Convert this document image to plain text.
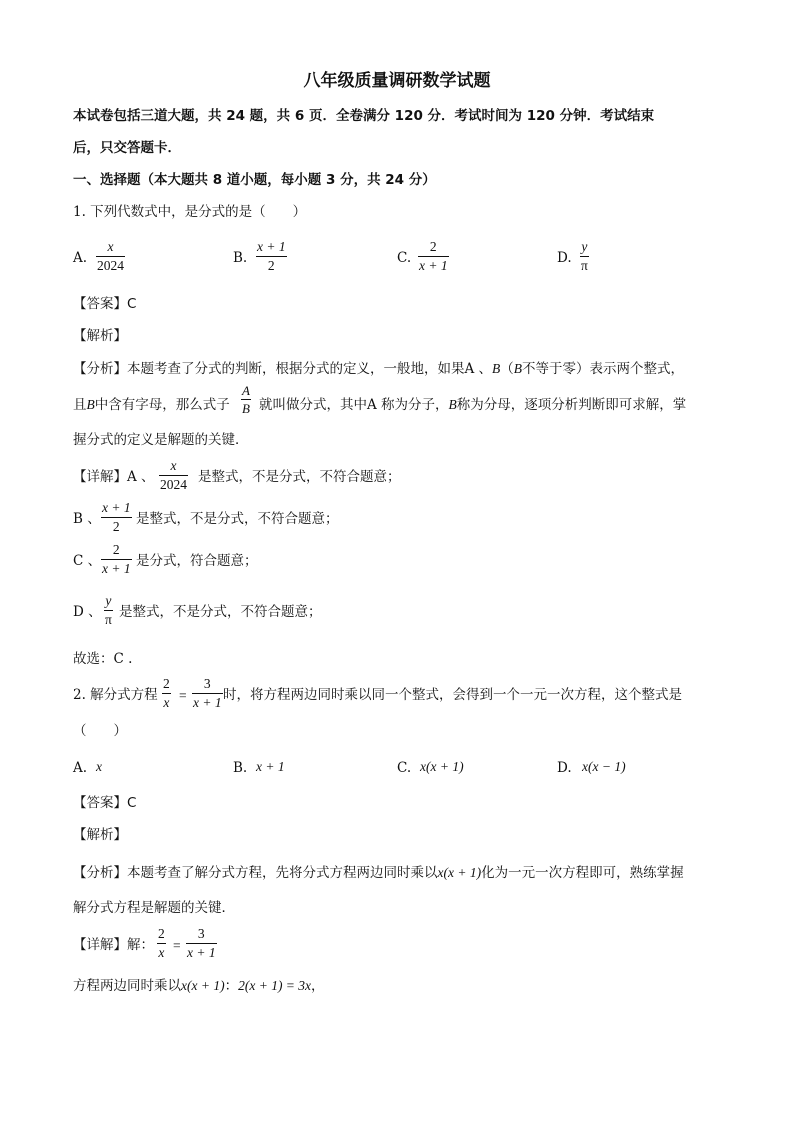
八年级质量调研数学试题
本试卷包括三道大题，共 24 题，共 6 页．全卷满分 120 分．考试时间为 120 分钟．考试结束
后，只交答题卡．
一、选择题（本大题共 8 道小题，每小题 3 分，共 24 分）
1. 下列代数式中，是分式的是（　　）
A.
x
2024	B.
x + 1
2	C.
2
x + 1	D.
y
π
【答案】C
【解析】
【分析】本题考查了分式的判断，根据分式的定义，一般地，如果A 、B（B不等于零）表示两个整式，
且B中含有字母，那么式子
A
B 就叫做分式，其中A 称为分子，B称为分母，逐项分析判断即可求解，掌
握分式的定义是解题的关键．
【详解】A 、
x
2024 是整式，不是分式，不符合题意；
B 、
x + 1
2	是整式，不是分式，不符合题意；
C 、
2
x + 1 是分式，符合题意；
D 、
y
π 是整式，不是分式，不符合题意；
故选：C .
2. 解分式方程
2
x =
3
x + 1 时，将方程两边同时乘以同一个整式，会得到一个一元一次方程，这个整式是
（　　）
A. x	B. x + 1	C. x(x + 1)	D. x(x − 1)
【答案】C
【解析】
【分析】本题考查了解分式方程，先将分式方程两边同时乘以x(x + 1)化为一元一次方程即可，熟练掌握
解分式方程是解题的关键．
【详解】解：
2
x =
3
x + 1
方程两边同时乘以x(x + 1)：2(x + 1) = 3x，
